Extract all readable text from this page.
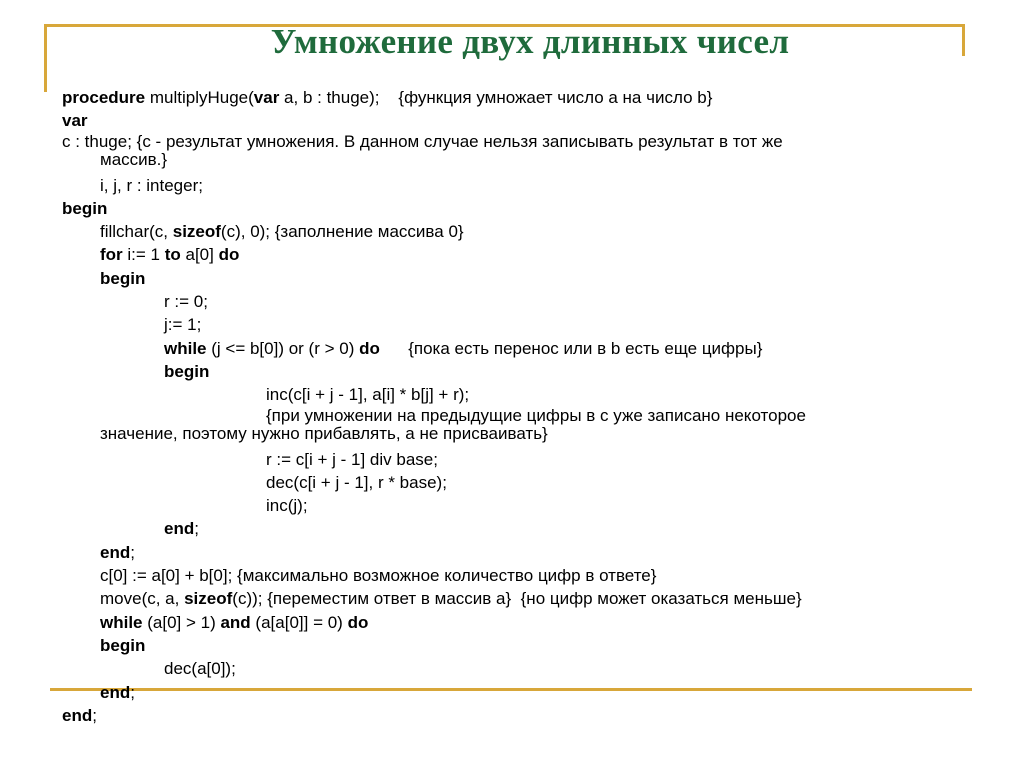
Умножение двух длинных чисел
procedure multiplyHuge(var a, b : thuge);    {функция умножает число a на число b}
var
c : thuge; {c - результат умножения. В данном случае нельзя записывать результат в тот же
массив.}
i, j, r : integer;
begin
fillchar(c, sizeof(c), 0); {заполнение массива 0}
for i:= 1 to a[0] do
begin
r := 0;
j:= 1;
while (j <= b[0]) or (r > 0) do      {пока есть перенос или в b есть еще цифры}
begin
inc(c[i + j - 1], a[i] * b[j] + r);
{при умножении на предыдущие цифры в c уже записано некоторое
значение, поэтому нужно прибавлять, а не присваивать}
r := c[i + j - 1] div base;
dec(c[i + j - 1], r * base);
inc(j);
end;
end;
c[0] := a[0] + b[0]; {максимально возможное количество цифр в ответе}
move(c, a, sizeof(c)); {переместим ответ в массив a}  {но цифр может оказаться меньше}
while (a[0] > 1) and (a[a[0]] = 0) do
begin
dec(a[0]);
end;
end;
